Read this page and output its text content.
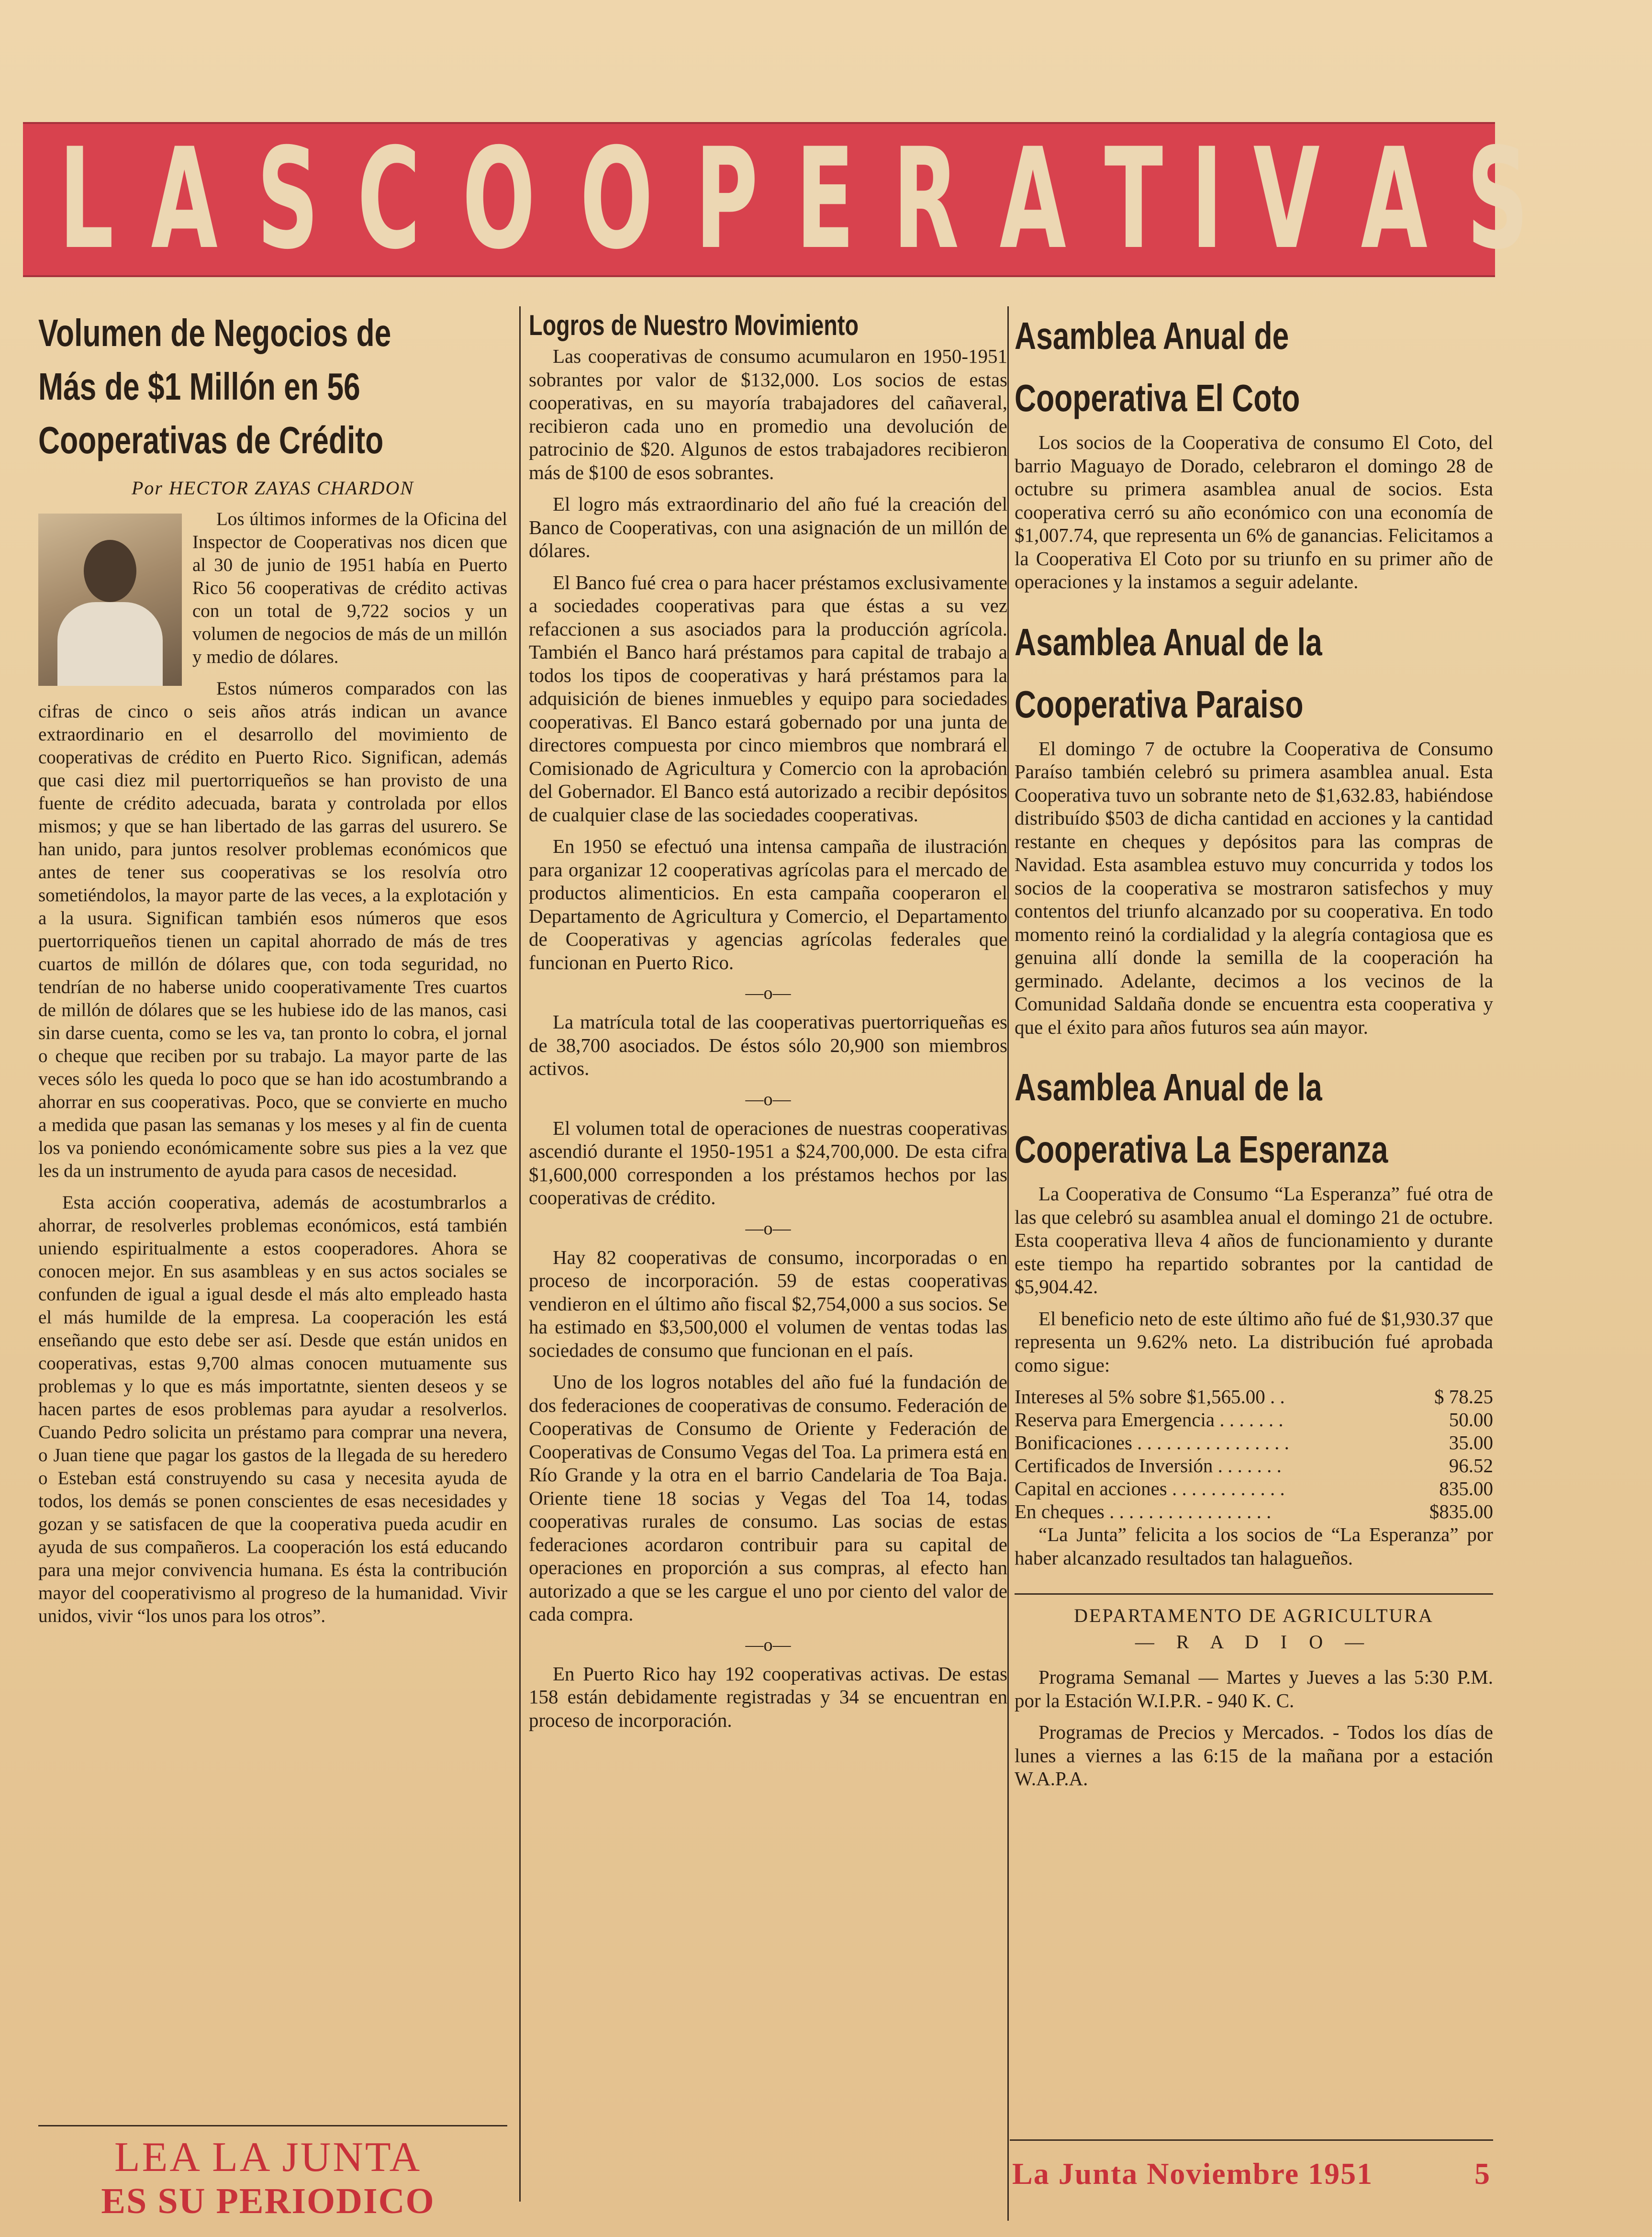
L A S C O O P E R A T I V A S
Volumen de Negocios de
Más de $1 Millón en 56
Cooperativas de Crédito
Por HECTOR ZAYAS CHARDON

Los últimos informes de la Oficina del Inspector de Cooperativas nos dicen que al 30 de junio de 1951 había en Puerto Rico 56 cooperativas de crédito activas con un total de 9,722 socios y un volumen de negocios de más de un millón y medio de dólares.

Estos números comparados con las cifras de cinco o seis años atrás indican un avance extraordinario en el desarrollo del movimiento de cooperativas de crédito en Puerto Rico. Significan, además que casi diez mil puertorriqueños se han provisto de una fuente de crédito adecuada, barata y controlada por ellos mismos; y que se han libertado de las garras del usurero. Se han unido, para juntos resolver problemas económicos que antes de tener sus cooperativas se los resolvía otro sometiéndolos, la mayor parte de las veces, a la explotación y a la usura. Significan también esos números que esos puertorriqueños tienen un capital ahorrado de más de tres cuartos de millón de dólares que, con toda seguridad, no tendrían de no haberse unido cooperativamente Tres cuartos de millón de dólares que se les hubiese ido de las manos, casi sin darse cuenta, como se les va, tan pronto lo cobra, el jornal o cheque que reciben por su trabajo. La mayor parte de las veces sólo les queda lo poco que se han ido acostumbrando a ahorrar en sus cooperativas. Poco, que se convierte en mucho a medida que pasan las semanas y los meses y al fin de cuenta los va poniendo económicamente sobre sus pies a la vez que les da un instrumento de ayuda para casos de necesidad.

Esta acción cooperativa, además de acostumbrarlos a ahorrar, de resolverles problemas económicos, está también uniendo espiritualmente a estos cooperadores. Ahora se conocen mejor. En sus asambleas y en sus actos sociales se confunden de igual a igual desde el más alto empleado hasta el más humilde de la empresa. La cooperación les está enseñando que esto debe ser así. Desde que están unidos en cooperativas, estas 9,700 almas conocen mutuamente sus problemas y lo que es más importatnte, sienten deseos y se hacen partes de esos problemas para ayudar a resolverlos. Cuando Pedro solicita un préstamo para comprar una nevera, o Juan tiene que pagar los gastos de la llegada de su heredero o Esteban está construyendo su casa y necesita ayuda de todos, los demás se ponen conscientes de esas necesidades y gozan y se satisfacen de que la cooperativa pueda acudir en ayuda de sus compañeros. La cooperación los está educando para una mejor convivencia humana. Es ésta la contribución mayor del cooperativismo al progreso de la humanidad. Vivir unidos, vivir “los unos para los otros”.

LEA LA JUNTA
ES SU PERIODICO
Logros de Nuestro Movimiento

Las cooperativas de consumo acumularon en 1950-1951 sobrantes por valor de $132,000. Los socios de estas cooperativas, en su mayoría trabajadores del cañaveral, recibieron cada uno en promedio una devolución de patrocinio de $20. Algunos de estos trabajadores recibieron más de $100 de esos sobrantes.

El logro más extraordinario del año fué la creación del Banco de Cooperativas, con una asignación de un millón de dólares.

El Banco fué crea o para hacer préstamos exclusivamente a sociedades cooperativas para que éstas a su vez refaccionen a sus asociados para la producción agrícola. También el Banco hará préstamos para capital de trabajo a todos los tipos de cooperativas y hará préstamos para la adquisición de bienes inmuebles y equipo para sociedades cooperativas. El Banco estará gobernado por una junta de directores compuesta por cinco miembros que nombrará el Comisionado de Agricultura y Comercio con la aprobación del Gobernador. El Banco está autorizado a recibir depósitos de cualquier clase de las sociedades cooperativas.

En 1950 se efectuó una intensa campaña de ilustración para organizar 12 cooperativas agrícolas para el mercado de productos alimenticios. En esta campaña cooperaron el Departamento de Agricultura y Comercio, el Departamento de Cooperativas y agencias agrícolas federales que funcionan en Puerto Rico.

—o—

La matrícula total de las cooperativas puertorriqueñas es de 38,700 asociados. De éstos sólo 20,900 son miembros activos.

—o—

El volumen total de operaciones de nuestras cooperativas ascendió durante el 1950-1951 a $24,700,000. De esta cifra $1,600,000 corresponden a los préstamos hechos por las cooperativas de crédito.

—o—

Hay 82 cooperativas de consumo, incorporadas o en proceso de incorporación. 59 de estas cooperativas vendieron en el último año fiscal $2,754,000 a sus socios. Se ha estimado en $3,500,000 el volumen de ventas todas las sociedades de consumo que funcionan en el país.

Uno de los logros notables del año fué la fundación de dos federaciones de cooperativas de consumo. Federación de Cooperativas de Consumo de Oriente y Federación de Cooperativas de Consumo Vegas del Toa. La primera está en Río Grande y la otra en el barrio Candelaria de Toa Baja. Oriente tiene 18 socias y Vegas del Toa 14, todas cooperativas rurales de consumo. Las socias de estas federaciones acordaron contribuir para su capital de operaciones en proporción a sus compras, al efecto han autorizado a que se les cargue el uno por ciento del valor de cada compra.

—o—

En Puerto Rico hay 192 cooperativas activas. De estas 158 están debidamente registradas y 34 se encuentran en proceso de incorporación.

Asamblea Anual de
Cooperativa El Coto

Los socios de la Cooperativa de consumo El Coto, del barrio Maguayo de Dorado, celebraron el domingo 28 de octubre su primera asamblea anual de socios. Esta cooperativa cerró su año económico con una economía de $1,007.74, que representa un 6% de ganancias. Felicitamos a la Cooperativa El Coto por su triunfo en su primer año de operaciones y la instamos a seguir adelante.

Asamblea Anual de la
Cooperativa Paraiso

El domingo 7 de octubre la Cooperativa de Consumo Paraíso también celebró su primera asamblea anual. Esta Cooperativa tuvo un sobrante neto de $1,632.83, habiéndose distribuído $503 de dicha cantidad en acciones y la cantidad restante en cheques y depósitos para las compras de Navidad. Esta asamblea estuvo muy concurrida y todos los socios de la cooperativa se mostraron satisfechos y muy contentos del triunfo alcanzado por su cooperativa. En todo momento reinó la cordialidad y la alegría contagiosa que es genuina allí donde la semilla de la cooperación ha germinado. Adelante, decimos a los vecinos de la Comunidad Saldaña donde se encuentra esta cooperativa y que el éxito para años futuros sea aún mayor.

Asamblea Anual de la
Cooperativa La Esperanza

La Cooperativa de Consumo “La Esperanza” fué otra de las que celebró su asamblea anual el domingo 21 de octubre. Esta cooperativa lleva 4 años de funcionamiento y durante este tiempo ha repartido sobrantes por la cantidad de $5,904.42.

El beneficio neto de este último año fué de $1,930.37 que representa un 9.62% neto. La distribución fué aprobada como sigue:

Intereses al 5% sobre $1,565.00 . .	$ 78.25
Reserva para Emergencia . . . . . . .	50.00
Bonificaciones . . . . . . . . . . . . . . . .	35.00
Certificados de Inversión . . . . . . .	96.52
Capital en acciones . . . . . . . . . . . .	835.00
En cheques . . . . . . . . . . . . . . . . .	$835.00

“La Junta” felicita a los socios de “La Esperanza” por haber alcanzado resultados tan halagueños.

DEPARTAMENTO DE AGRICULTURA
— R A D I O —

Programa Semanal — Martes y Jueves a las 5:30 P.M. por la Estación W.I.P.R. - 940 K. C.

Programas de Precios y Mercados. - Todos los días de lunes a viernes a las 6:15 de la mañana por a estación W.A.P.A.

La Junta Noviembre 1951	5
